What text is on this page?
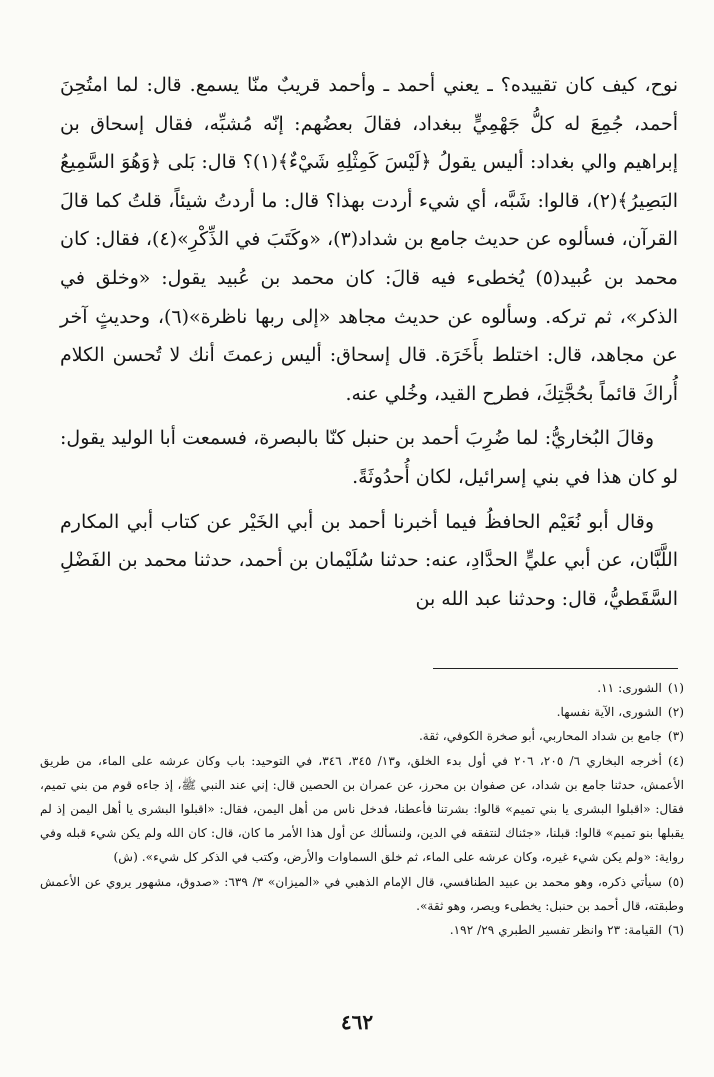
نوح، كيف كان تقييده؟ ـ يعني أحمد ـ وأحمد قريبٌ منّا يسمع. قال: لما امتُحِنَ أحمد، جُمِعَ له كلُّ جَهْمِيٍّ ببغداد، فقالَ بعضُهم: إنّه مُشبِّه، فقال إسحاق بن إبراهيم والي بغداد: أليس يقولُ ﴿لَيْسَ كَمِثْلِهِ شَيْءٌ﴾(١)؟ قال: بَلى ﴿وَهُوَ السَّمِيعُ البَصِيرُ﴾(٢)، قالوا: شَبَّه، أي شيء أردت بهذا؟ قال: ما أردتُ شيئاً، قلتُ كما قالَ القرآن، فسألوه عن حديث جامع بن شداد(٣)، «وكَتَبَ في الذِّكْرِ»(٤)، فقال: كان محمد بن عُبيد(٥) يُخطىء فيه قالَ: كان محمد بن عُبيد يقول: «وخلق في الذكر»، ثم تركه. وسألوه عن حديث مجاهد «إلى ربها ناظرة»(٦)، وحديثٍ آخر عن مجاهد، قال: اختلط بأَخَرَة. قال إسحاق: أليس زعمتَ أنك لا تُحسن الكلام أُراكَ قائماً بحُجَّتِكَ، فطرح القيد، وخُلي عنه.

وقالَ البُخاريُّ: لما ضُرِبَ أحمد بن حنبل كنّا بالبصرة، فسمعت أبا الوليد يقول: لو كان هذا في بني إسرائيل، لكان أُحدُوثَةً.

وقال أبو نُعَيْم الحافظُ فيما أخبرنا أحمد بن أبي الخَيْر عن كتاب أبي المكارم اللَّبَّان، عن أبي عليٍّ الحدَّادِ، عنه: حدثنا سُلَيْمان بن أحمد، حدثنا محمد بن الفَضْلِ السَّقَطيُّ، قال: وحدثنا عبد الله بن

(١)الشورى: ١١.

(٢)الشورى، الآية نفسها.

(٣)جامع بن شداد المحاربي، أبو صخرة الكوفي، ثقة.

(٤)أخرجه البخاري ٦/ ٢٠٥، ٢٠٦ في أول بدء الخلق، و١٣/ ٣٤٥، ٣٤٦، في التوحيد: باب وكان عرشه على الماء، من طريق الأعمش، حدثنا جامع بن شداد، عن صفوان بن محرز، عن عمران بن الحصين قال: إني عند النبي ﷺ، إذ جاءه قوم من بني تميم، فقال: «اقبلوا البشرى يا بني تميم» قالوا: بشرتنا فأعطنا، فدخل ناس من أهل اليمن، فقال: «اقبلوا البشرى يا أهل اليمن إذ لم يقبلها بنو تميم» قالوا: قبلنا، «جئناك لنتفقه في الدين، ولنسألك عن أول هذا الأمر ما كان، قال: كان الله ولم يكن شيء قبله وفي رواية: «ولم يكن شيء غيره، وكان عرشه على الماء، ثم خلق السماوات والأرض، وكتب في الذكر كل شيء». (ش)

(٥)سيأتي ذكره، وهو محمد بن عبيد الطنافسي، قال الإمام الذهبي في «الميزان» ٣/ ٦٣٩: «صدوق، مشهور يروي عن الأعمش وطبقته، قال أحمد بن حنبل: يخطىء ويصر، وهو ثقة».

(٦)القيامة: ٢٣ وانظر تفسير الطبري ٢٩/ ١٩٢.

٤٦٢
